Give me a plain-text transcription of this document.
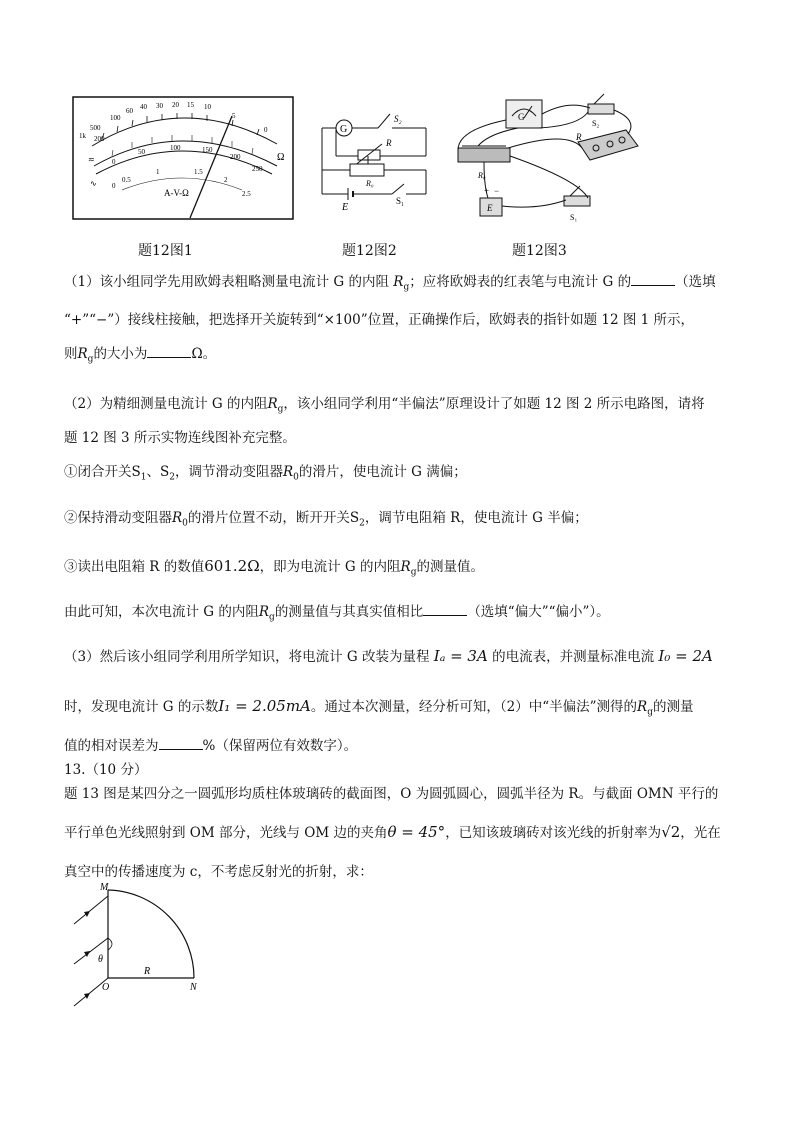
500
100
60 40 30 20 15 10
5
0
1k 200
Ω
0
50	100	150
200
250
0
0.5
1	1.5
2
2.5
≂
∿
A-V-Ω
题12图1
G
S₂
R
R₀
E
S₁
题12图2
G
S₂
R
R₀
+ −
E
S₁
题12图3
（1）该小组同学先用欧姆表粗略测量电流计 G 的内阻 $R_g$；应将欧姆表的红表笔与电流计 G 的	（选填
“+”“−”）接线柱接触，把选择开关旋转到“×100”位置，正确操作后，欧姆表的指针如题 12 图 1 所示，
则$R_g$的大小为	Ω。
（2）为精细测量电流计 G 的内阻$R_g$，该小组同学利用“半偏法”原理设计了如题 12 图 2 所示电路图，请将
题 12 图 3 所示实物连线图补充完整。
①闭合开关$S_1$、$S_2$，调节滑动变阻器$R_0$的滑片，使电流计 G 满偏；
②保持滑动变阻器$R_0$的滑片位置不动，断开开关$S_2$，调节电阻箱 R，使电流计 G 半偏；
③读出电阻箱 R 的数值601.2Ω，即为电流计 G 的内阻$R_g$的测量值。
由此可知，本次电流计 G 的内阻$R_g$的测量值与其真实值相比	（选填“偏大”“偏小”）。
（3）然后该小组同学利用所学知识，将电流计 G 改装为量程 Iₐ = 3A 的电流表，并测量标准电流 I₀ = 2A
时，发现电流计 G 的示数I₁ = 2.05mA。通过本次测量，经分析可知，（2）中“半偏法”测得的$R_g$的测量
值的相对误差为	%（保留两位有效数字）。
13.（10 分）
题 13 图是某四分之一圆弧形均质柱体玻璃砖的截面图，O 为圆弧圆心，圆弧半径为 R。与截面 OMN 平行的
平行单色光线照射到 OM 部分，光线与 OM 边的夹角θ = 45°，已知该玻璃砖对该光线的折射率为√2，光在
真空中的传播速度为 c，不考虑反射光的折射，求：
M
θ
R
O	N
